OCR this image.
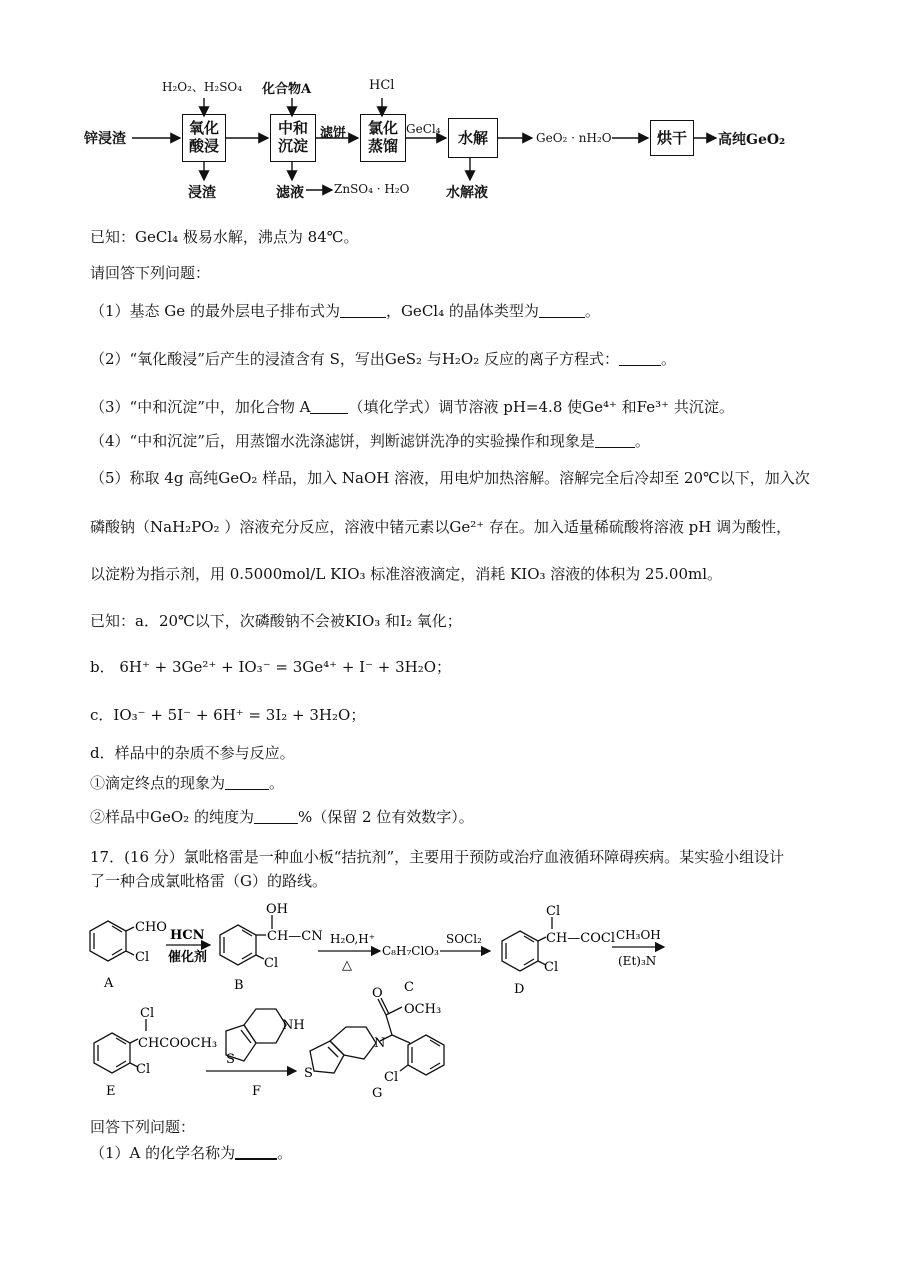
锌浸渣
氧化
酸浸
中和
沉淀
氯化
蒸馏	水解	烘干
H₂O₂、H₂SO₄ 化合物A	HCl
滤饼	GeCl₄
GeO₂ · nH₂O	高纯GeO₂
浸渣	滤液	ZnSO₄ · H₂O	水解液
已知：GeCl₄ 极易水解，沸点为 84℃。
请回答下列问题：
（1）基态 Ge 的最外层电子排布式为	，GeCl₄ 的晶体类型为	。
（2）“氧化酸浸”后产生的浸渣含有 S，写出GeS₂ 与H₂O₂ 反应的离子方程式：	。
（3）“中和沉淀”中，加化合物 A	（填化学式）调节溶液 pH=4.8 使Ge⁴⁺ 和Fe³⁺ 共沉淀。
（4）“中和沉淀”后，用蒸馏水洗涤滤饼，判断滤饼洗净的实验操作和现象是	。
（5）称取 4g 高纯GeO₂ 样品，加入 NaOH 溶液，用电炉加热溶解。溶解完全后冷却至 20℃以下，加入次
磷酸钠（NaH₂PO₂ ）溶液充分反应，溶液中锗元素以Ge²⁺ 存在。加入适量稀硫酸将溶液 pH 调为酸性，
以淀粉为指示剂，用 0.5000mol/L KIO₃ 标准溶液滴定，消耗 KIO₃ 溶液的体积为 25.00ml。
已知：a．20℃以下，次磷酸钠不会被KIO₃ 和I₂ 氧化；
b． 6H⁺ + 3Ge²⁺ + IO₃⁻ = 3Ge⁴⁺ + I⁻ + 3H₂O；
c．IO₃⁻ + 5I⁻ + 6H⁺ = 3I₂ + 3H₂O；
d．样品中的杂质不参与反应。
①滴定终点的现象为	。
②样品中GeO₂ 的纯度为	%（保留 2 位有效数字）。
17．(16 分）氯吡格雷是一种血小板“拮抗剂”，主要用于预防或治疗血液循环障碍疾病。某实验小组设计
了一种合成氯吡格雷（G）的路线。
CHO
Cl
A
HCN
催化剂
OH
CH—CN
Cl
B
H₂O,H⁺
△
C₈H₇ClO₃
C
SOCl₂
Cl
CH—COCl
Cl
D
CH₃OH
(Et)₃N
Cl
CHCOOCH₃
Cl
E
S
NH
F
O
OCH₃
N
S	Cl
G
回答下列问题：
（1）A 的化学名称为	。
